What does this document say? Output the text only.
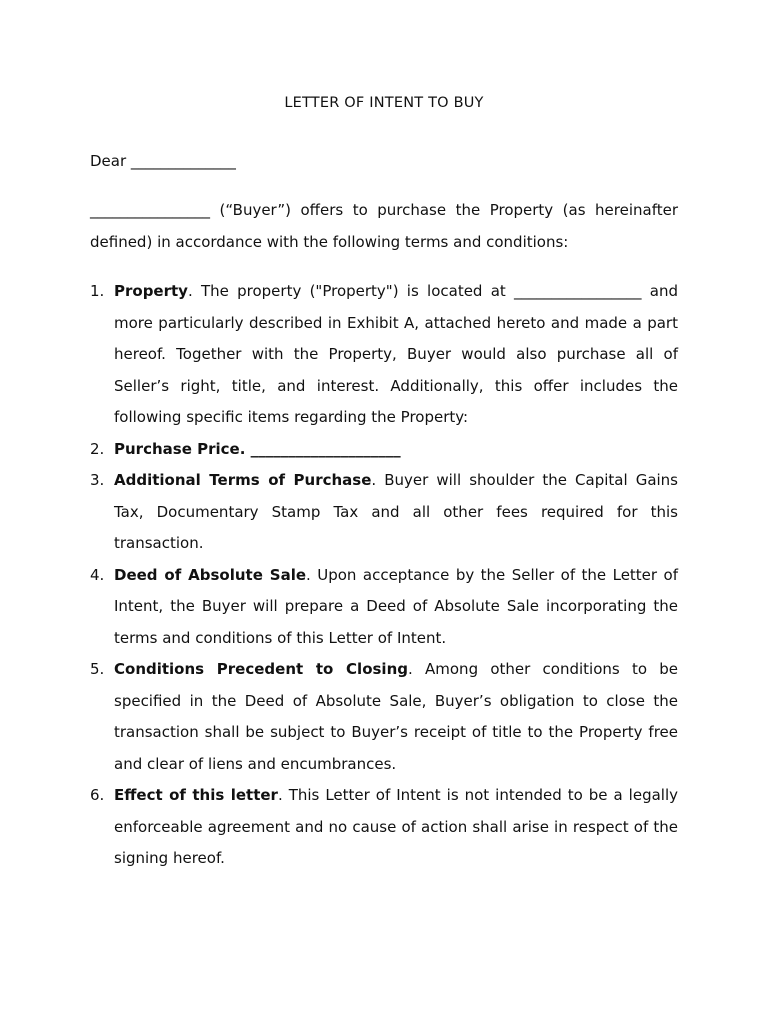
LETTER OF INTENT TO BUY
Dear ______________
________________ (“Buyer”) offers to purchase the Property (as hereinafter defined) in accordance with the following terms and conditions:
1. Property. The property ("Property") is located at _________________ and more particularly described in Exhibit A, attached hereto and made a part hereof. Together with the Property, Buyer would also purchase all of Seller’s right, title, and interest. Additionally, this offer includes the following specific items regarding the Property:
2. Purchase Price. ____________________
3. Additional Terms of Purchase. Buyer will shoulder the Capital Gains Tax, Documentary Stamp Tax and all other fees required for this transaction.
4. Deed of Absolute Sale. Upon acceptance by the Seller of the Letter of Intent, the Buyer will prepare a Deed of Absolute Sale incorporating the terms and conditions of this Letter of Intent.
5. Conditions Precedent to Closing. Among other conditions to be specified in the Deed of Absolute Sale, Buyer’s obligation to close the transaction shall be subject to Buyer’s receipt of title to the Property free and clear of liens and encumbrances.
6. Effect of this letter. This Letter of Intent is not intended to be a legally enforceable agreement and no cause of action shall arise in respect of the signing hereof.
